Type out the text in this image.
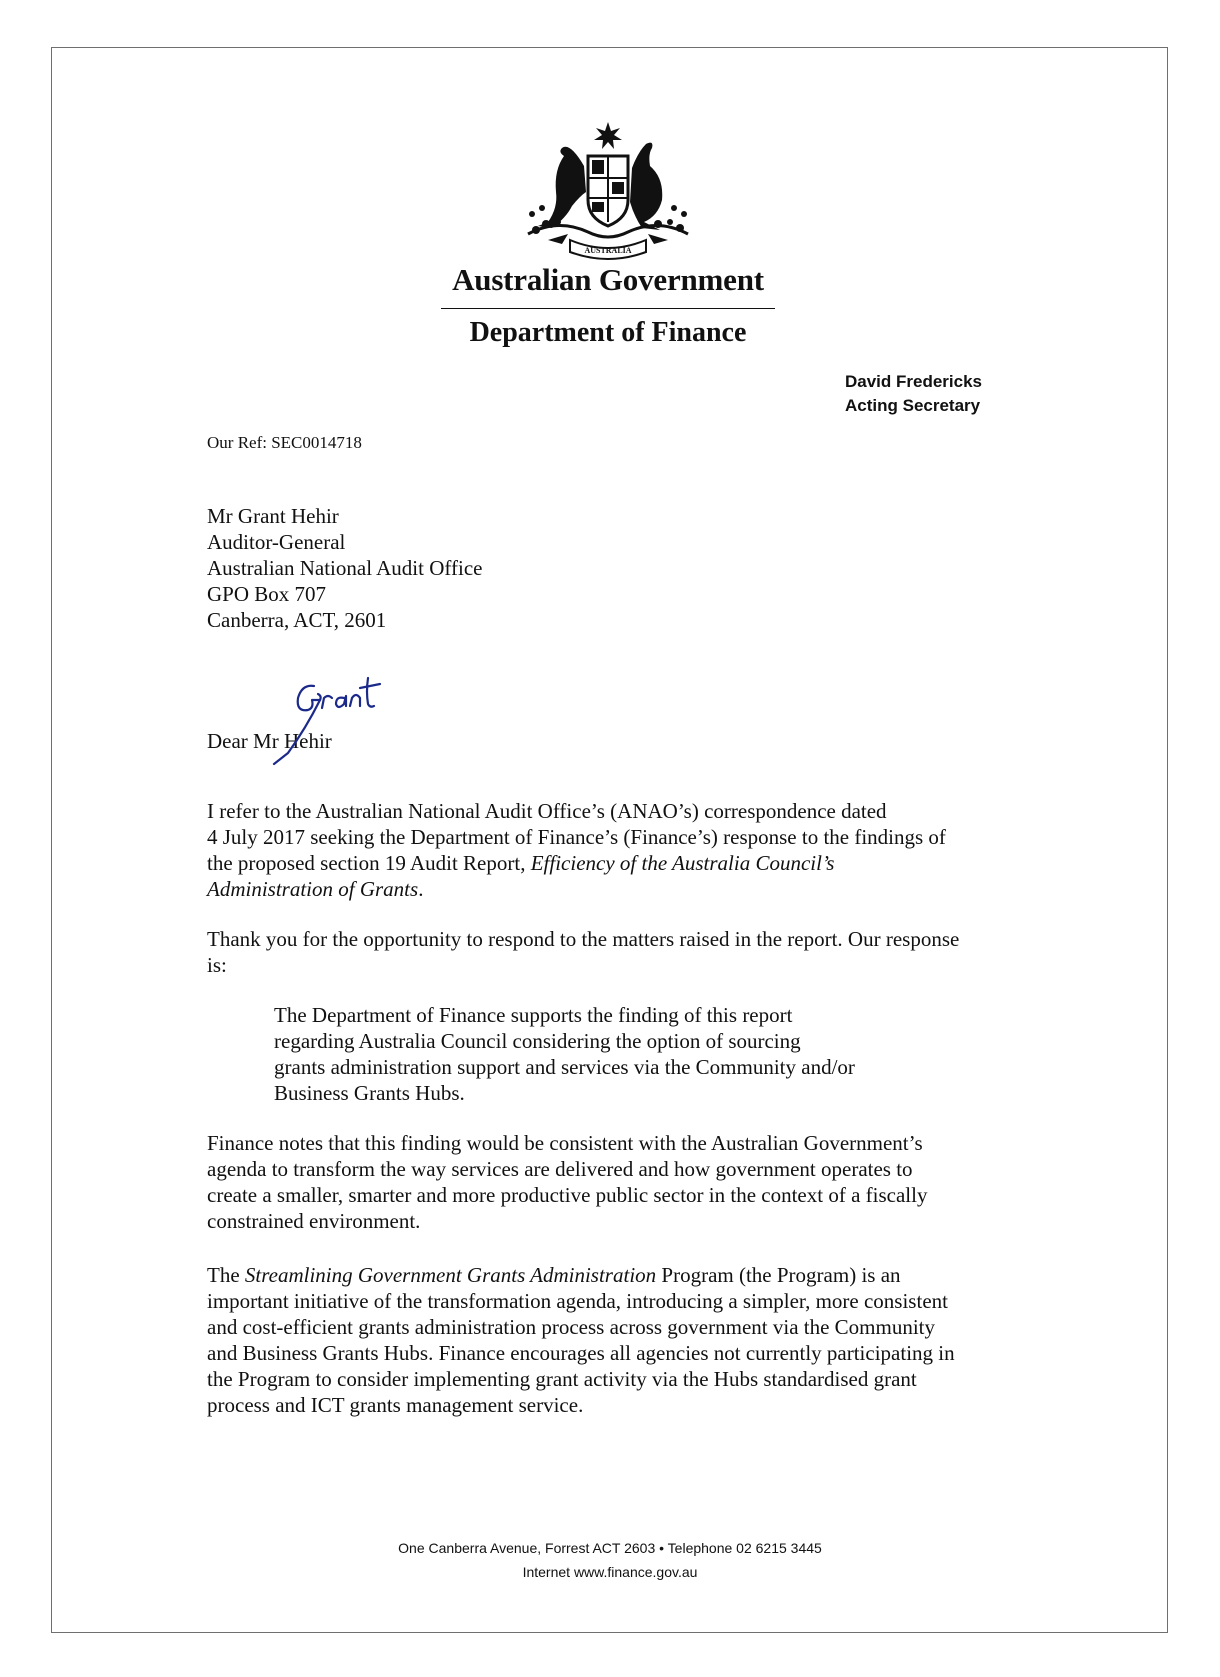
AUSTRALIA
Australian Government
Department of Finance
David Fredericks
Acting Secretary
Our Ref: SEC0014718
Mr Grant Hehir
Auditor-General
Australian National Audit Office
GPO Box 707
Canberra, ACT, 2601
Dear Mr Hehir
I refer to the Australian National Audit Office’s (ANAO’s) correspondence dated
4 July 2017 seeking the Department of Finance’s (Finance’s) response to the findings of
the proposed section 19 Audit Report, Efficiency of the Australia Council’s
Administration of Grants.
Thank you for the opportunity to respond to the matters raised in the report. Our response
is:
The Department of Finance supports the finding of this report
regarding Australia Council considering the option of sourcing
grants administration support and services via the Community and/or
Business Grants Hubs.
Finance notes that this finding would be consistent with the Australian Government’s
agenda to transform the way services are delivered and how government operates to
create a smaller, smarter and more productive public sector in the context of a fiscally
constrained environment.
The Streamlining Government Grants Administration Program (the Program) is an
important initiative of the transformation agenda, introducing a simpler, more consistent
and cost-efficient grants administration process across government via the Community
and Business Grants Hubs. Finance encourages all agencies not currently participating in
the Program to consider implementing grant activity via the Hubs standardised grant
process and ICT grants management service.
One Canberra Avenue, Forrest ACT 2603 • Telephone 02 6215 3445
Internet www.finance.gov.au
